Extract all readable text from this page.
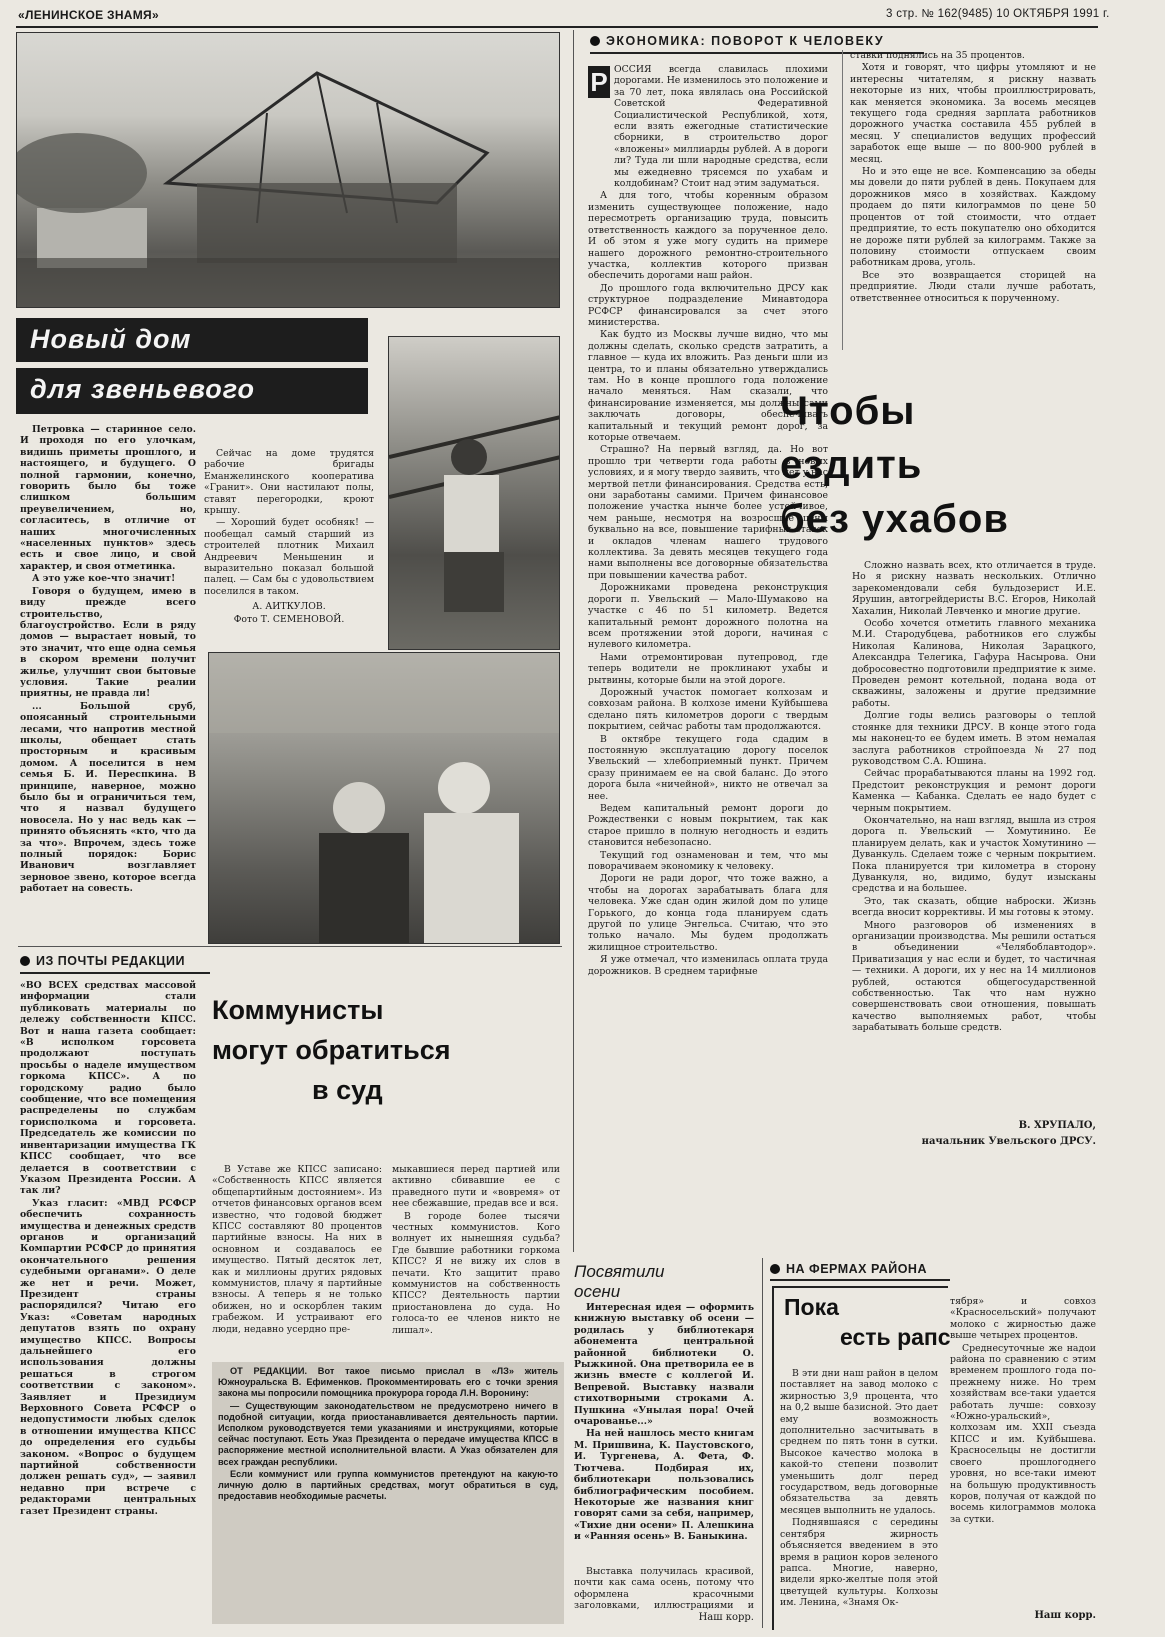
«ЛЕНИНСКОЕ ЗНАМЯ»	3 стр. № 162(9485) 10 ОКТЯБРЯ 1991 г.
Новый дом
для звеньевого

Петровка — старинное село. И проходя по его улочкам, видишь приметы прошлого, и настоящего, и будущего. О полной гармонии, конечно, говорить было бы тоже слишком большим преувеличением, но, согласитесь, в отличие от наших многочисленных «населенных пунктов» здесь есть и свое лицо, и свой характер, и своя отметинка.

А это уже кое-что значит!

Говоря о будущем, имею в виду прежде всего строительство, благоустройство. Если в ряду домов — вырастает новый, то это значит, что еще одна семья в скором времени получит жилье, улучшит свои бытовые условия. Такие реалии приятны, не правда ли!

... Большой сруб, опоясанный строительными лесами, что напротив местной школы, обещает стать просторным и красивым домом. А поселится в нем семья Б. И. Переспкина. В принципе, наверное, можно было бы и ограничиться тем, что я назвал будущего новосела. Но у нас ведь как — принято объяснять «кто, что да за что». Впрочем, здесь тоже полный порядок: Борис Иванович возглавляет зерновое звено, которое всегда работает на совесть.

Сейчас на доме трудятся рабочие бригады Еманжелинского кооператива «Гранит». Они настилают полы, ставят перегородки, кроют крышу.

— Хороший будет особняк! — пообещал самый старший из строителей плотник Михаил Андреевич Меньшенин и выразительно показал большой палец. — Сам бы с удовольствием поселился в таком.

А. АИТКУЛОВ.

Фото Т. СЕМЕНОВОЙ.

ЭКОНОМИКА: ПОВОРОТ К ЧЕЛОВЕКУ
Р ОССИЯ всегда славилась плохими дорогами. Не изменилось это положение и за 70 лет, пока являлась она Российской Советской Федеративной Социалистической Республикой, хотя, если взять ежегодные статистические сборники, в строительство дорог «вложены» миллиарды рублей. А в дороги ли? Туда ли шли народные средства, если мы ежедневно трясемся по ухабам и колдобинам? Стоит над этим задуматься.

А для того, чтобы коренным образом изменить существующее положение, надо пересмотреть организацию труда, повысить ответственность каждого за порученное дело. И об этом я уже могу судить на примере нашего дорожного ремонтно-строительного участка, коллектив которого призван обеспечить дорогами наш район.

До прошлого года включительно ДРСУ как структурное подразделение Минавтодора РСФСР финансировался за счет этого министерства.

Как будто из Москвы лучше видно, что мы должны сделать, сколько средств затратить, а главное — куда их вложить. Раз деньги шли из центра, то и планы обязательно утверждались там. Но в конце прошлого года положение начало меняться. Нам сказали, что финансирование изменяется, мы должны сами заключать договоры, обеспечивать капитальный и текущий ремонт дорог, за которые отвечаем.

Страшно? На первый взгляд, да. Но вот прошло три четверти года работы в новых условиях, и я могу твердо заявить, что нет у нас мертвой петли финансирования. Средства есть, они заработаны самими. Причем финансовое положение участка нынче более устойчивое, чем раньше, несмотря на возросшие цены буквально на все, повышение тарифных ставок и окладов членам нашего трудового коллектива. За девять месяцев текущего года нами выполнены все договорные обязательства при повышении качества работ.

Дорожниками проведена реконструкция дороги п. Увельский — Мало-Шумаково на участке с 46 по 51 километр. Ведется капитальный ремонт дорожного полотна на всем протяжении этой дороги, начиная с нулевого километра.

Нами отремонтирован путепровод, где теперь водители не проклинают ухабы и рытвины, которые были на этой дороге.

Дорожный участок помогает колхозам и совхозам района. В колхозе имени Куйбышева сделано пять километров дороги с твердым покрытием, сейчас работы там продолжаются.

В октябре текущего года сдадим в постоянную эксплуатацию дорогу поселок Увельский — хлебоприемный пункт. Причем сразу принимаем ее на свой баланс. До этого дорога была «ничейной», никто не отвечал за нее.

Ведем капитальный ремонт дороги до Рождественки с новым покрытием, так как старое пришло в полную негодность и ездить становится небезопасно.

Текущий год ознаменован и тем, что мы поворачиваем экономику к человеку.

Дороги не ради дорог, что тоже важно, а чтобы на дорогах зарабатывать блага для человека. Уже сдан один жилой дом по улице Горького, до конца года планируем сдать другой по улице Энгельса. Считаю, что это только начало. Мы будем продолжать жилищное строительство.

Я уже отмечал, что изменилась оплата труда дорожников. В среднем тарифные

ставки поднялись на 35 процентов.

Хотя и говорят, что цифры утомляют и не интересны читателям, я рискну назвать некоторые из них, чтобы проиллюстрировать, как меняется экономика. За восемь месяцев текущего года средняя зарплата работников дорожного участка составила 455 рублей в месяц. У специалистов ведущих профессий заработок еще выше — по 800-900 рублей в месяц.

Но и это еще не все. Компенсацию за обеды мы довели до пяти рублей в день. Покупаем для дорожников мясо в хозяйствах. Каждому продаем до пяти килограммов по цене 50 процентов от той стоимости, что отдает предприятие, то есть покупателю оно обходится не дороже пяти рублей за килограмм. Также за половину стоимости отпускаем своим работникам дрова, уголь.

Все это возвращается сторицей на предприятие. Люди стали лучше работать, ответственнее относиться к порученному.

Чтобы
ездить
без ухабов

Сложно назвать всех, кто отличается в труде. Но я рискну назвать нескольких. Отлично зарекомендовали себя бульдозерист И.Е. Ярушин, автогрейдеристы В.С. Егоров, Николай Хахалин, Николай Левченко и многие другие.

Особо хочется отметить главного механика М.И. Стародубцева, работников его службы Николая Калинова, Николая Зарацкого, Александра Телегика, Гафура Насырова. Они добросовестно подготовили предприятие к зиме. Проведен ремонт котельной, подана вода от скважины, заложены и другие предзимние работы.

Долгие годы велись разговоры о теплой стоянке для техники ДРСУ. В конце этого года мы наконец-то ее будем иметь. В этом немалая заслуга работников стройпоезда № 27 под руководством С.А. Юшина.

Сейчас прорабатываются планы на 1992 год. Предстоит реконструкция и ремонт дороги Каменка — Кабанка. Сделать ее надо будет с черным покрытием.

Окончательно, на наш взгляд, вышла из строя дорога п. Увельский — Хомутинино. Ее планируем делать, как и участок Хомутинино — Дуванкуль. Сделаем тоже с черным покрытием. Пока планируется три километра в сторону Дуванкуля, но, видимо, будут изысканы средства и на большее.

Это, так сказать, общие наброски. Жизнь всегда вносит коррективы. И мы готовы к этому.

Много разговоров об изменениях в организации производства. Мы решили остаться в объединении «Челябоблавтодор». Приватизация у нас если и будет, то частичная — техники. А дороги, их у нес на 14 миллионов рублей, остаются общегосударственной собственностью. Так что нам нужно совершенствовать свои отношения, повышать качество выполняемых работ, чтобы зарабатывать больше средств.

В. ХРУПАЛО,
начальник Увельского ДРСУ.
ИЗ ПОЧТЫ РЕДАКЦИИ

«ВО ВСЕХ средствах массовой информации стали публиковать материалы по дележу собственности КПСС. Вот и наша газета сообщает: «В исполком горсовета продолжают поступать просьбы о наделе имуществом горкома КПСС». А по городскому радио было сообщение, что все помещения распределены по службам горисполкома и горсовета. Председатель же комиссии по инвентаризации имущества ГК КПСС сообщает, что все делается в соответствии с Указом Президента России. А так ли?

Указ гласит: «МВД РСФСР обеспечить сохранность имущества и денежных средств органов и организаций Компартии РСФСР до принятия окончательного решения судебными органами». О деле же нет и речи. Может, Президент страны распорядился? Читаю его Указ: «Советам народных депутатов взять по охрану имущество КПСС. Вопросы дальнейшего его использования должны решаться в строгом соответствии с законом». Заявляет и Президиум Верховного Совета РСФСР о недопустимости любых сделок в отношении имущества КПСС до определения его судьбы законом. «Вопрос о будущем партийной собственности должен решать суд», — заявил недавно при встрече с редакторами центральных газет Президент страны.

Коммунисты
могут обратиться
в суд

В Уставе же КПСС записано: «Собственность КПСС является общепартийным достоянием». Из отчетов финансовых органов всем известно, что годовой бюджет КПСС составляют 80 процентов партийные взносы. На них в основном и создавалось ее имущество. Пятый десяток лет, как и миллионы других рядовых коммунистов, плачу я партийные взносы. А теперь я не только обижен, но и оскорблен таким грабежом. И устраивают его люди, недавно усердно пре-

мыкавшиеся перед партией или активно сбивавшие ее с праведного пути и «вовремя» от нее сбежавшие, предав все и вся.

В городе более тысячи честных коммунистов. Кого волнует их нынешняя судьба? Где бывшие работники горкома КПСС? Я не вижу их слов в печати. Кто защитит право коммунистов на собственность КПСС? Деятельность партии приостановлена до суда. Но голоса-то ее членов никто не лишал».

ОТ РЕДАКЦИИ. Вот такое письмо прислал в «ЛЗ» житель Южноуральска В. Ефименков. Прокомментировать его с точки зрения закона мы попросили помощника прокурора города Л.Н. Воронину:

— Существующим законодательством не предусмотрено ничего в подобной ситуации, когда приостанавливается деятельность партии. Исполком руководствуется теми указаниями и инструкциями, которые сейчас поступают. Есть Указ Президента о передаче имущества КПСС в распоряжение местной исполнительной власти. А Указ обязателен для всех граждан республики.

Если коммунист или группа коммунистов претендуют на какую-то личную долю в партийных средствах, могут обратиться в суд, предоставив необходимые расчеты.

Посвятили
осени

Интересная идея — оформить книжную выставку об осени — родилась у библиотекаря абонемента центральной районной библиотеки О. Рыжкиной. Она претворила ее в жизнь вместе с коллегой И. Вепревой. Выставку назвали стихотворными строками А. Пушкина «Унылая пора! Очей очарованье...»

На ней нашлось место книгам М. Пришвина, К. Паустовского, И. Тургенева, А. Фета, Ф. Тютчева. Подбирая их, библиотекари пользовались библиографическим пособием. Некоторые же названия книг говорят сами за себя, например, «Тихие дни осени» П. Алешкина и «Ранняя осень» В. Баныкина.

Выставка получилась красивой, почти как сама осень, потому что оформлена красочными заголовками, иллюстрациями и

Наш корр.
НА ФЕРМАХ РАЙОНА
Пока
есть рапс

В эти дни наш район в целом поставляет на завод молоко с жирностью 3,9 процента, что на 0,2 выше базисной. Это дает ему возможность дополнительно засчитывать в среднем по пять тонн в сутки. Высокое качество молока в какой-то степени позволит уменьшить долг перед государством, ведь договорные обязательства за девять месяцев выполнить не удалось.

Поднявшаяся с середины сентября жирность объясняется введением в это время в рацион коров зеленого рапса. Многие, наверно, видели ярко-желтые поля этой цветущей культуры. Колхозы им. Ленина, «Знамя Ок-

тября» и совхоз «Красносельский» получают молоко с жирностью даже выше четырех процентов.

Среднесуточные же надои района по сравнению с этим временем прошлого года по-прежнему ниже. Но трем хозяйствам все-таки удается работать лучше: совхозу «Южно-уральский», колхозам им. XXII съезда КПСС и им. Куйбышева. Красносельцы не достигли своего прошлогоднего уровня, но все-таки имеют на большую продуктивность коров, получая от каждой по восемь килограммов молока за сутки.

Наш корр.
